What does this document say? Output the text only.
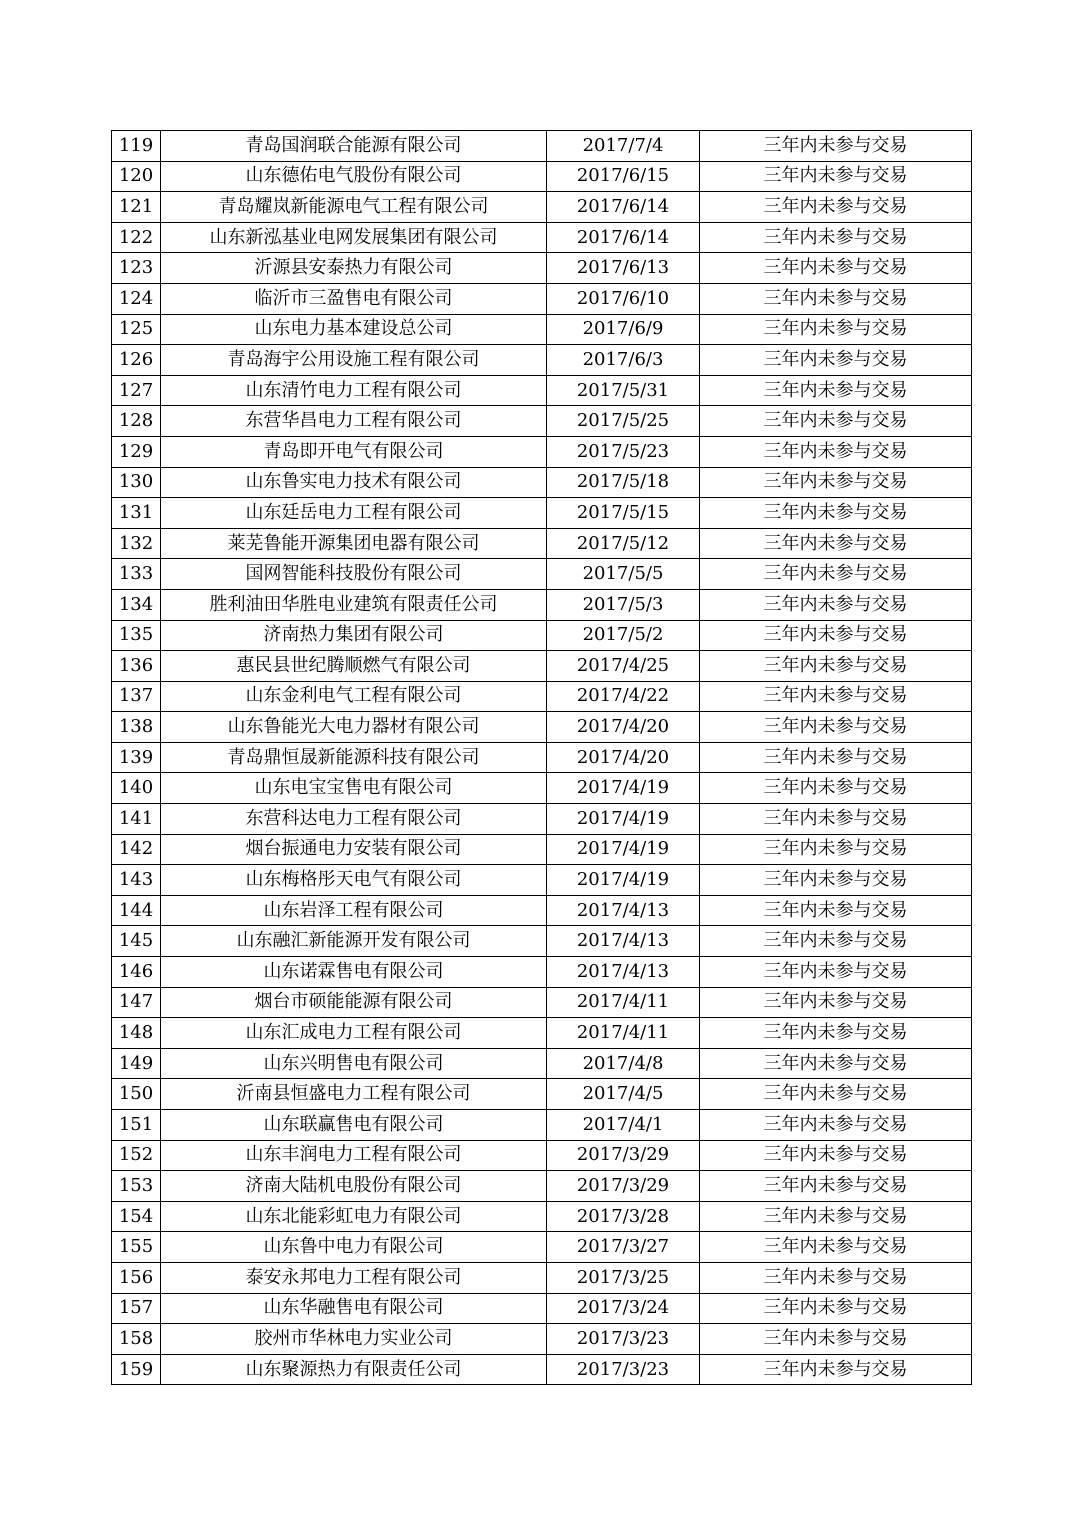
119	青岛国润联合能源有限公司	2017/7/4	三年内未参与交易
120	山东德佑电气股份有限公司	2017/6/15	三年内未参与交易
121	青岛耀岚新能源电气工程有限公司	2017/6/14	三年内未参与交易
122	山东新泓基业电网发展集团有限公司	2017/6/14	三年内未参与交易
123	沂源县安泰热力有限公司	2017/6/13	三年内未参与交易
124	临沂市三盈售电有限公司	2017/6/10	三年内未参与交易
125	山东电力基本建设总公司	2017/6/9	三年内未参与交易
126	青岛海宇公用设施工程有限公司	2017/6/3	三年内未参与交易
127	山东清竹电力工程有限公司	2017/5/31	三年内未参与交易
128	东营华昌电力工程有限公司	2017/5/25	三年内未参与交易
129	青岛即开电气有限公司	2017/5/23	三年内未参与交易
130	山东鲁实电力技术有限公司	2017/5/18	三年内未参与交易
131	山东廷岳电力工程有限公司	2017/5/15	三年内未参与交易
132	莱芜鲁能开源集团电器有限公司	2017/5/12	三年内未参与交易
133	国网智能科技股份有限公司	2017/5/5	三年内未参与交易
134	胜利油田华胜电业建筑有限责任公司	2017/5/3	三年内未参与交易
135	济南热力集团有限公司	2017/5/2	三年内未参与交易
136	惠民县世纪腾顺燃气有限公司	2017/4/25	三年内未参与交易
137	山东金利电气工程有限公司	2017/4/22	三年内未参与交易
138	山东鲁能光大电力器材有限公司	2017/4/20	三年内未参与交易
139	青岛鼎恒晟新能源科技有限公司	2017/4/20	三年内未参与交易
140	山东电宝宝售电有限公司	2017/4/19	三年内未参与交易
141	东营科达电力工程有限公司	2017/4/19	三年内未参与交易
142	烟台振通电力安装有限公司	2017/4/19	三年内未参与交易
143	山东梅格彤天电气有限公司	2017/4/19	三年内未参与交易
144	山东岩泽工程有限公司	2017/4/13	三年内未参与交易
145	山东融汇新能源开发有限公司	2017/4/13	三年内未参与交易
146	山东诺霖售电有限公司	2017/4/13	三年内未参与交易
147	烟台市硕能能源有限公司	2017/4/11	三年内未参与交易
148	山东汇成电力工程有限公司	2017/4/11	三年内未参与交易
149	山东兴明售电有限公司	2017/4/8	三年内未参与交易
150	沂南县恒盛电力工程有限公司	2017/4/5	三年内未参与交易
151	山东联赢售电有限公司	2017/4/1	三年内未参与交易
152	山东丰润电力工程有限公司	2017/3/29	三年内未参与交易
153	济南大陆机电股份有限公司	2017/3/29	三年内未参与交易
154	山东北能彩虹电力有限公司	2017/3/28	三年内未参与交易
155	山东鲁中电力有限公司	2017/3/27	三年内未参与交易
156	泰安永邦电力工程有限公司	2017/3/25	三年内未参与交易
157	山东华融售电有限公司	2017/3/24	三年内未参与交易
158	胶州市华林电力实业公司	2017/3/23	三年内未参与交易
159	山东聚源热力有限责任公司	2017/3/23	三年内未参与交易
